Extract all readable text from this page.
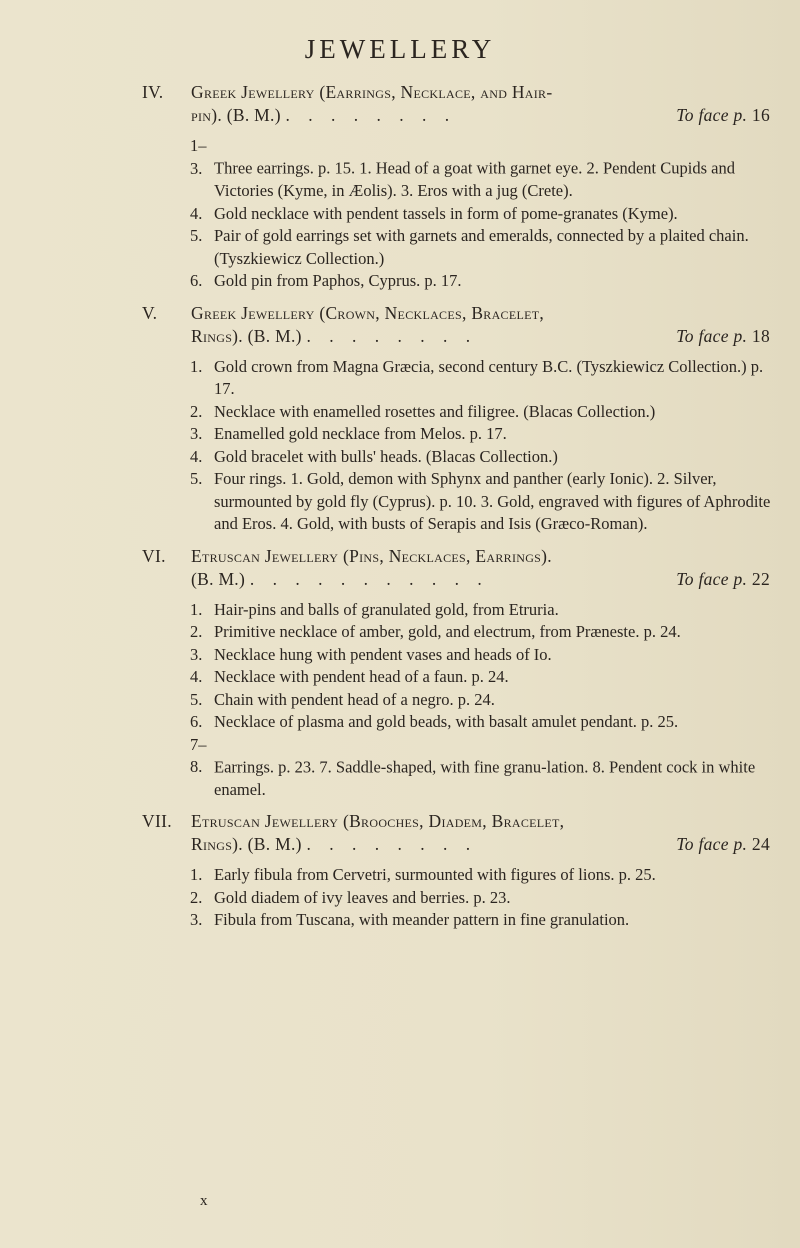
JEWELLERY
IV. Greek Jewellery (Earrings, Necklace, and Hair-
pin). (B. M.) . . . . . . . .	To face p. 16
1–3. Three earrings. p. 15. 1. Head of a goat with garnet eye. 2. Pendent Cupids and Victories (Kyme, in Æolis). 3. Eros with a jug (Crete).
4. Gold necklace with pendent tassels in form of pome-granates (Kyme).
5. Pair of gold earrings set with garnets and emeralds, connected by a plaited chain. (Tyszkiewicz Collection.)
6. Gold pin from Paphos, Cyprus. p. 17.
V. Greek Jewellery (Crown, Necklaces, Bracelet,
Rings). (B. M.) . . . . . . . .	To face p. 18
1. Gold crown from Magna Græcia, second century B.C. (Tyszkiewicz Collection.) p. 17.
2. Necklace with enamelled rosettes and filigree. (Blacas Collection.)
3. Enamelled gold necklace from Melos. p. 17.
4. Gold bracelet with bulls' heads. (Blacas Collection.)
5. Four rings. 1. Gold, demon with Sphynx and panther (early Ionic). 2. Silver, surmounted by gold fly (Cyprus). p. 10. 3. Gold, engraved with figures of Aphrodite and Eros. 4. Gold, with busts of Serapis and Isis (Græco-Roman).
VI. Etruscan Jewellery (Pins, Necklaces, Earrings).
(B. M.) . . . . . . . . . . .	To face p. 22
1. Hair-pins and balls of granulated gold, from Etruria.
2. Primitive necklace of amber, gold, and electrum, from Præneste. p. 24.
3. Necklace hung with pendent vases and heads of Io.
4. Necklace with pendent head of a faun. p. 24.
5. Chain with pendent head of a negro. p. 24.
6. Necklace of plasma and gold beads, with basalt amulet pendant. p. 25.
7–8. Earrings. p. 23. 7. Saddle-shaped, with fine granu-lation. 8. Pendent cock in white enamel.
VII. Etruscan Jewellery (Brooches, Diadem, Bracelet,
Rings). (B. M.) . . . . . . . .	To face p. 24
1. Early fibula from Cervetri, surmounted with figures of lions. p. 25.
2. Gold diadem of ivy leaves and berries. p. 23.
3. Fibula from Tuscana, with meander pattern in fine granulation.
x
